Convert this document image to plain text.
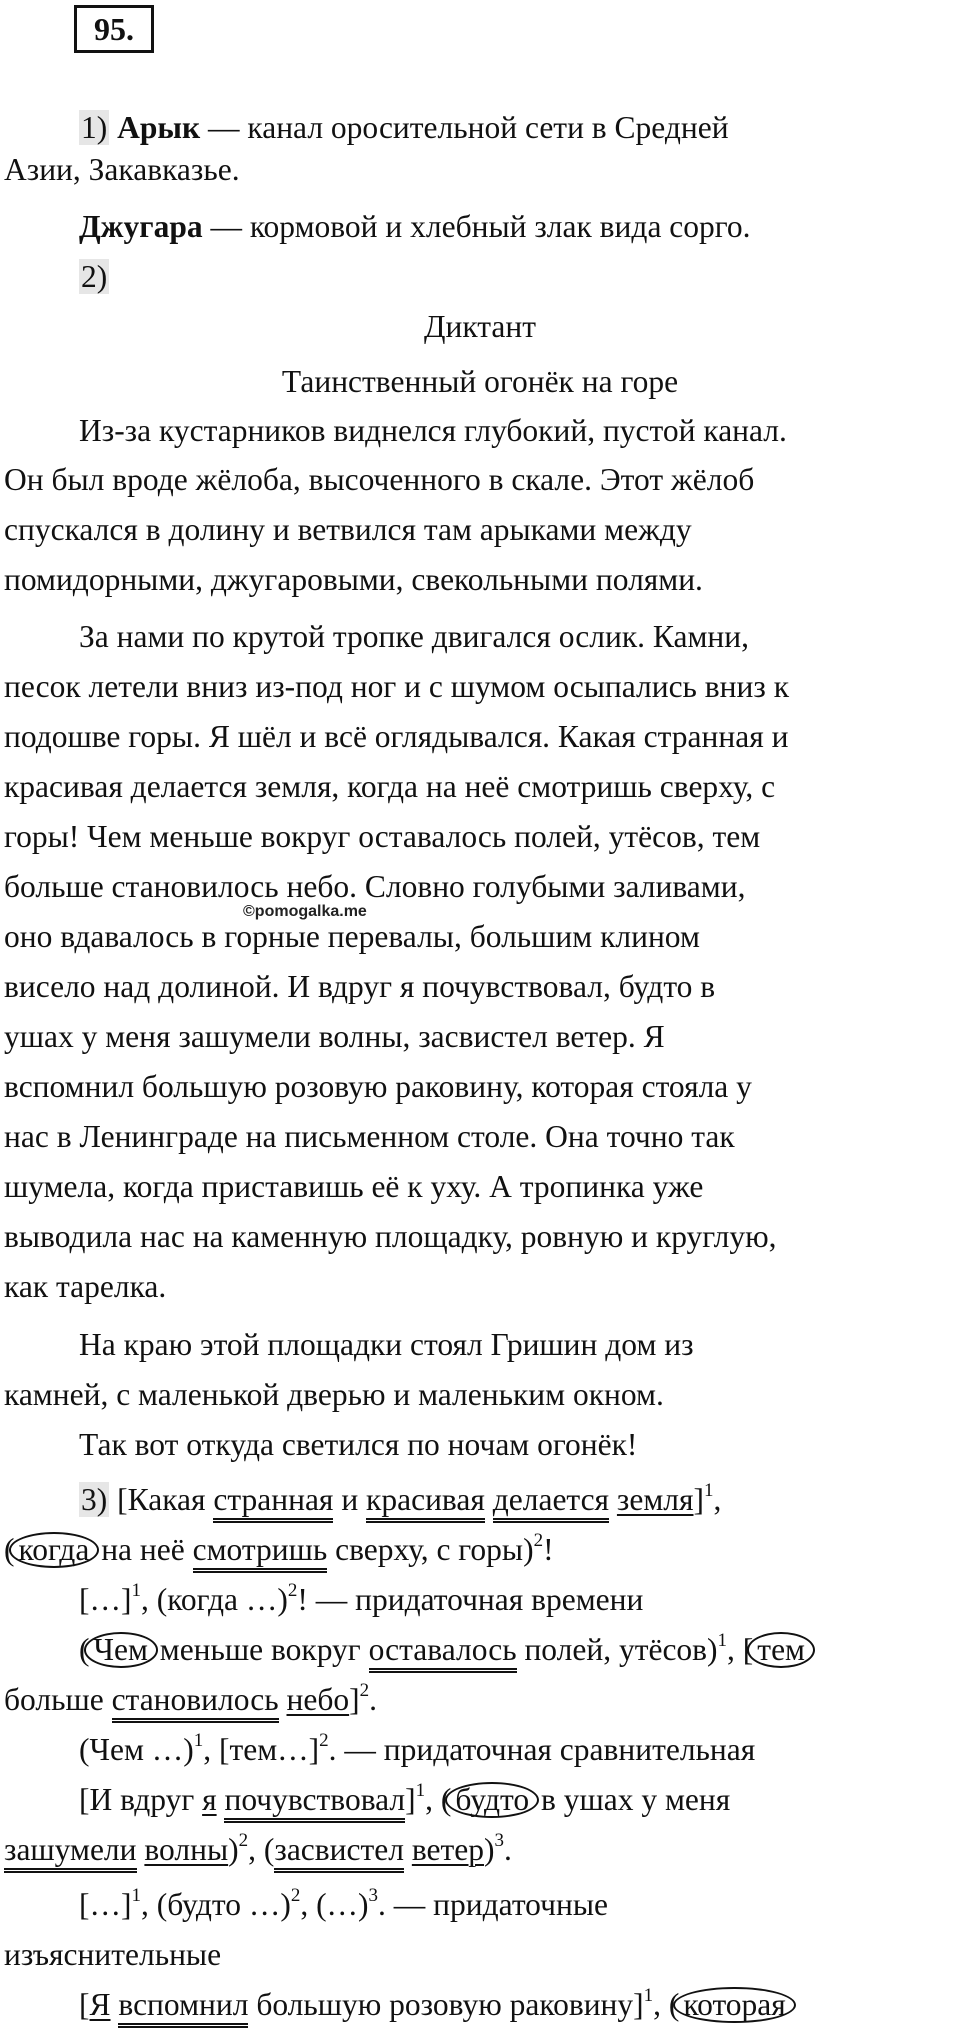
95.
1) Арык — канал оросительной сети в Средней
Азии, Закавказье.
Джугара — кормовой и хлебный злак вида сорго.
2)
Диктант
Таинственный огонёк на горе
Из-за кустарников виднелся глубокий, пустой канал.
Он был вроде жёлоба, высоченного в скале. Этот жёлоб
спускался в долину и ветвился там арыками между
помидорными, джугаровыми, свекольными полями.
За нами по крутой тропке двигался ослик. Камни,
песок летели вниз из-под ног и с шумом осыпались вниз к
подошве горы. Я шёл и всё оглядывался. Какая странная и
красивая делается земля, когда на неё смотришь сверху, с
горы! Чем меньше вокруг оставалось полей, утёсов, тем
больше становилось небо. Словно голубыми заливами,
©pomogalka.me
оно вдавалось в горные перевалы, большим клином
висело над долиной. И вдруг я почувствовал, будто в
ушах у меня зашумели волны, засвистел ветер. Я
вспомнил большую розовую раковину, которая стояла у
нас в Ленинграде на письменном столе. Она точно так
шумела, когда приставишь её к уху. А тропинка уже
выводила нас на каменную площадку, ровную и круглую,
как тарелка.
На краю этой площадки стоял Гришин дом из
камней, с маленькой дверью и маленьким окном.
Так вот откуда светился по ночам огонёк!
3) [Какая странная и красивая делается земля]$^1$,
( когда на неё смотришь сверху, с горы)$^2$!
[…]$^1$, (когда …)$^2$! — придаточная времени
( Чем меньше вокруг оставалось полей, утёсов)$^1$, [ тем
больше становилось небо]$^2$.
(Чем …)$^1$, [тем…]$^2$. — придаточная сравнительная
[И вдруг я почувствовал]$^1$, ( будто в ушах у меня
зашумели волны)$^2$, (засвистел ветер)$^3$.
[…]$^1$, (будто …)$^2$, (…)$^3$. — придаточные
изъяснительные
[Я вспомнил большую розовую раковину]$^1$, ( которая
